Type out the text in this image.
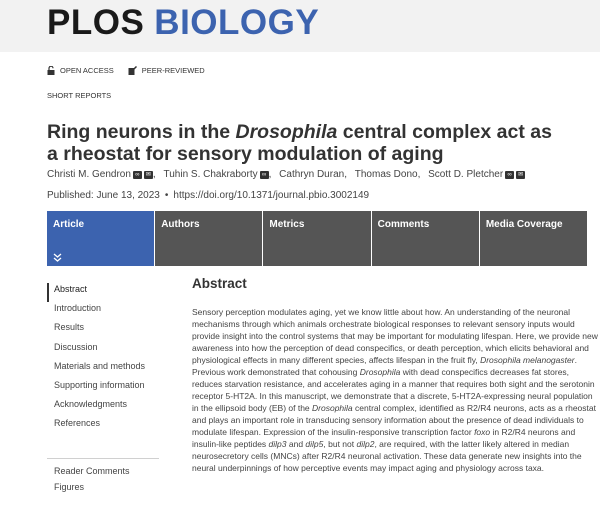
PLOS BIOLOGY
OPEN ACCESS	PEER-REVIEWED
SHORT REPORTS
Ring neurons in the Drosophila central complex act as a rheostat for sensory modulation of aging
Christi M. Gendron ∞	✉ , Tuhin S. Chakraborty ∞ , Cathryn Duran , Thomas Dono , Scott D. Pletcher ∞	✉
Published: June 13, 2023 • https://doi.org/10.1371/journal.pbio.3002149
Article	Authors	Metrics	Comments	Media Coverage
Abstract
Introduction
Results
Discussion
Materials and methods
Supporting information
Acknowledgments
References
Reader Comments
Figures
Abstract

Sensory perception modulates aging, yet we know little about how. An understanding of the neuronal mechanisms through which animals orchestrate biological responses to relevant sensory inputs would provide insight into the control systems that may be important for modulating lifespan. Here, we provide new awareness into how the perception of dead conspecifics, or death perception, which elicits behavioral and physiological effects in many different species, affects lifespan in the fruit fly, Drosophila melanogaster. Previous work demonstrated that cohousing Drosophila with dead conspecifics decreases fat stores, reduces starvation resistance, and accelerates aging in a manner that requires both sight and the serotonin receptor 5-HT2A. In this manuscript, we demonstrate that a discrete, 5-HT2A-expressing neural population in the ellipsoid body (EB) of the Drosophila central complex, identified as R2/R4 neurons, acts as a rheostat and plays an important role in transducing sensory information about the presence of dead individuals to modulate lifespan. Expression of the insulin-responsive transcription factor foxo in R2/R4 neurons and insulin-like peptides dilp3 and dilp5, but not dilp2, are required, with the latter likely altered in median neurosecretory cells (MNCs) after R2/R4 neuronal activation. These data generate new insights into the neural underpinnings of how perceptive events may impact aging and physiology across taxa.
